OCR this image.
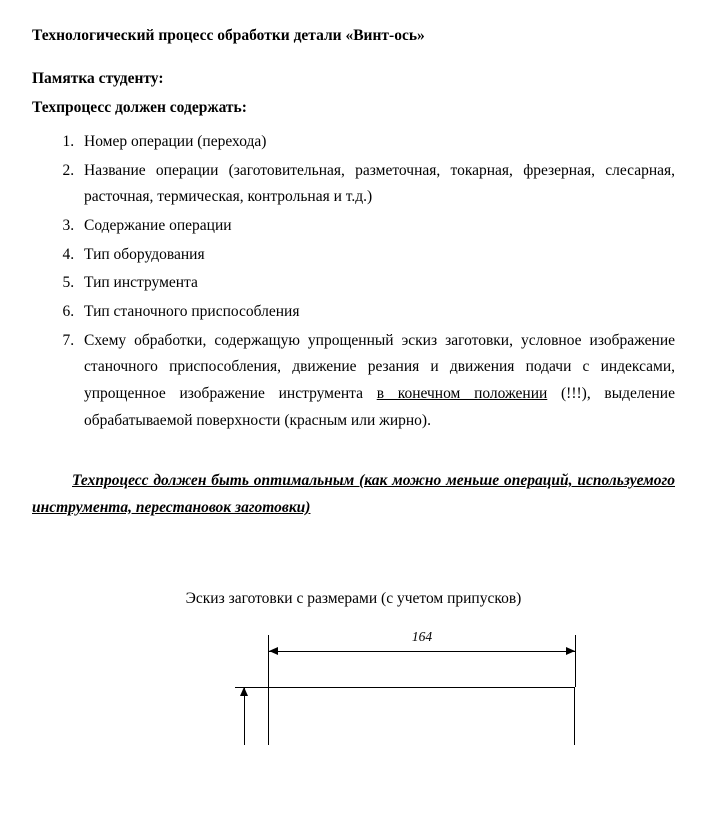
Технологический процесс обработки детали «Винт-ось»

Памятка студенту:

Техпроцесс должен содержать:

1. Номер операции (перехода)
2. Название операции (заготовительная, разметочная, токарная, фрезерная, слесарная, расточная, термическая, контрольная и т.д.)
3. Содержание операции
4. Тип оборудования
5. Тип инструмента
6. Тип станочного приспособления
7. Схему обработки, содержащую упрощенный эскиз заготовки, условное изображение станочного приспособления, движение резания и движения подачи с индексами, упрощенное изображение инструмента в конечном положении (!!!), выделение обрабатываемой поверхности (красным или жирно).

Техпроцесс должен быть оптимальным (как можно меньше операций, используемого инструмента, перестановок заготовки)

Эскиз заготовки с размерами (с учетом припусков)

164
